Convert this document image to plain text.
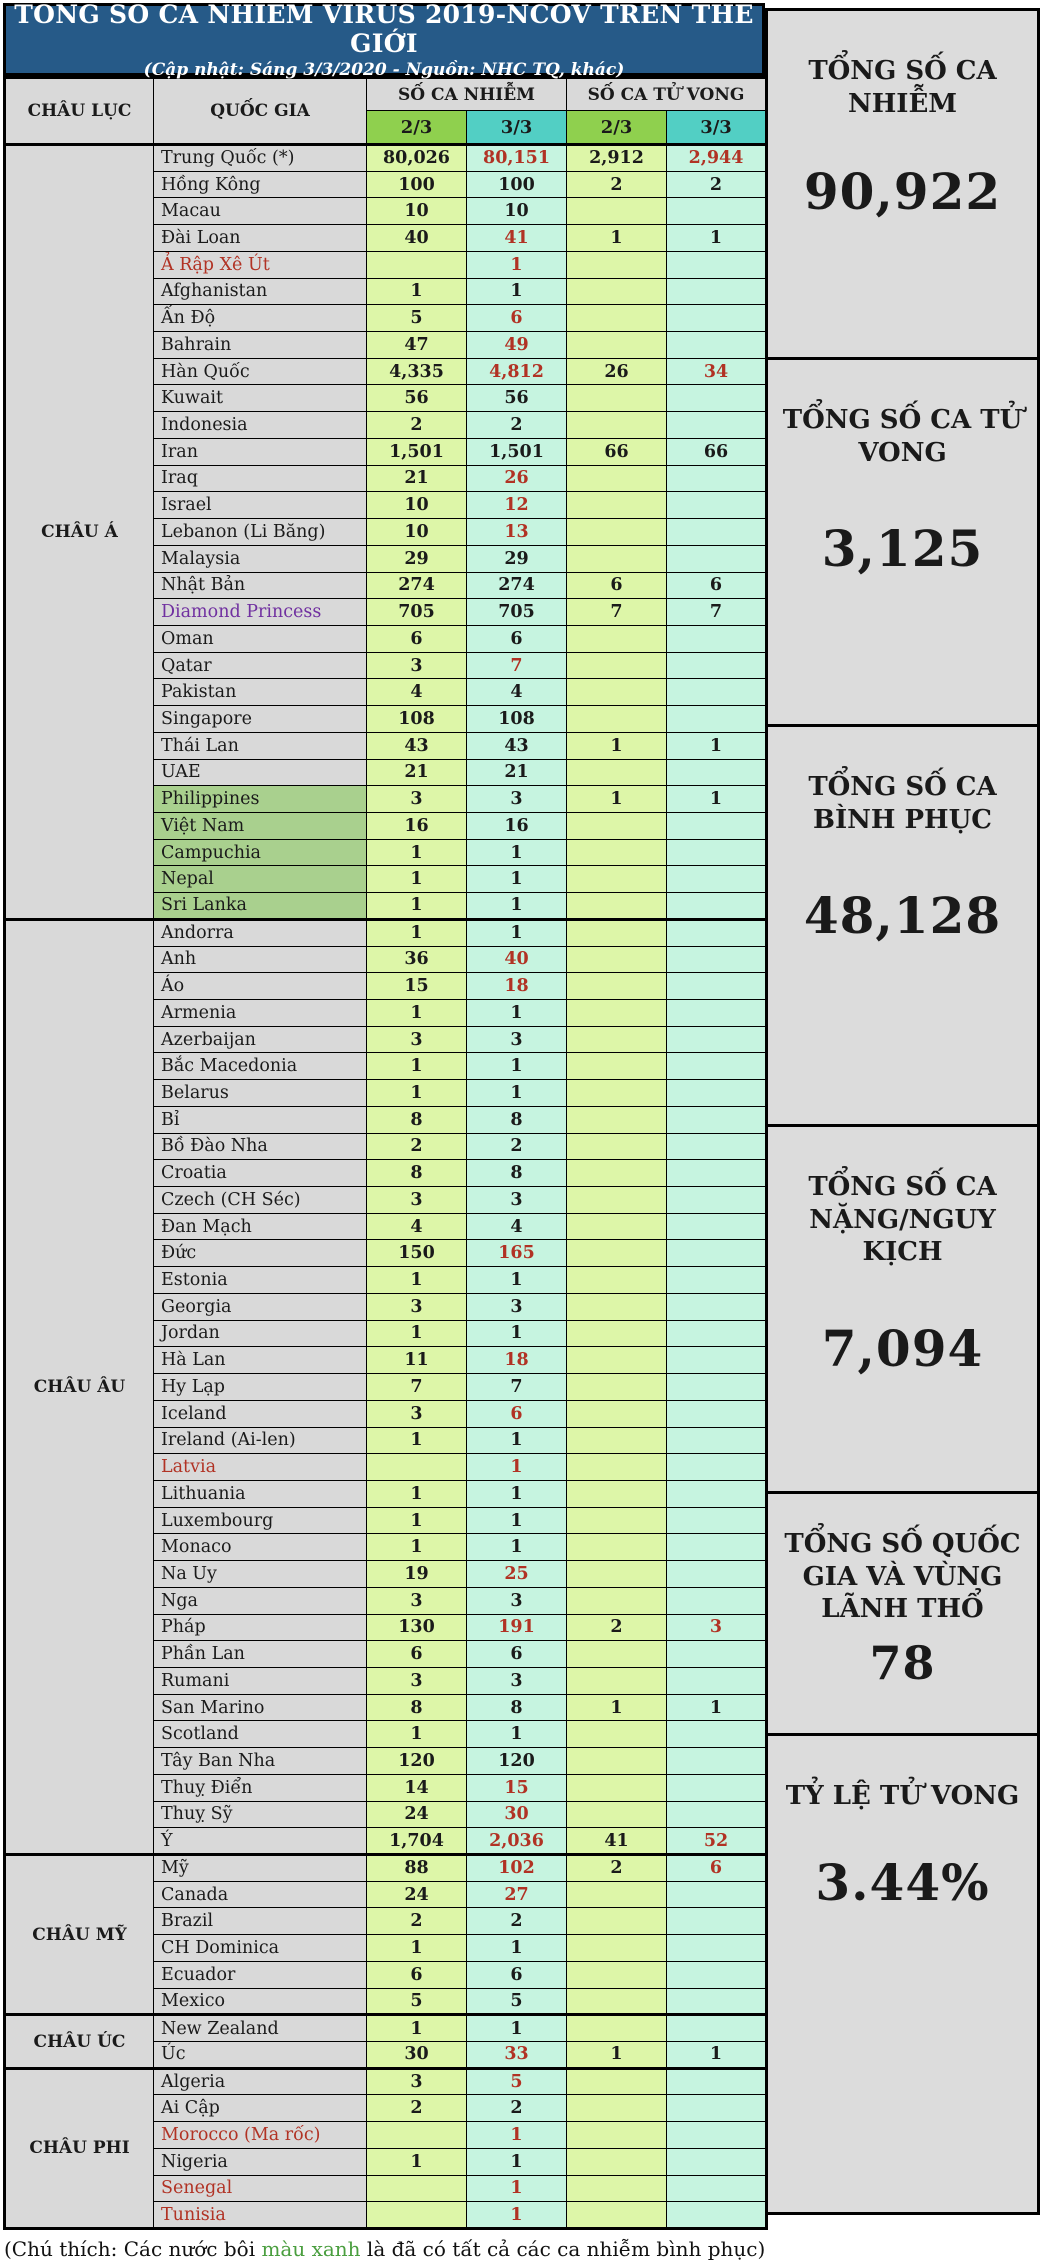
TỔNG SỐ CA NHIỄM VIRUS 2019-NCOV TRÊN THẾ GIỚI
(Cập nhật: Sáng 3/3/2020 - Nguồn: NHC TQ, khác)
CHÂU LỤC	QUỐC GIA	SỐ CA NHIỄM		SỐ CA TỬ VONG	
		2/3	3/3	2/3	3/3
CHÂU Á	Trung Quốc (*)	80,026	80,151	2,912	2,944
	Hồng Kông	100	100	2	2
	Macau	10	10		
	Đài Loan	40	41	1	1
	Ả Rập Xê Út		1		
	Afghanistan	1	1		
	Ấn Độ	5	6		
	Bahrain	47	49		
	Hàn Quốc	4,335	4,812	26	34
	Kuwait	56	56		
	Indonesia	2	2		
	Iran	1,501	1,501	66	66
	Iraq	21	26		
	Israel	10	12		
	Lebanon (Li Băng)	10	13		
	Malaysia	29	29		
	Nhật Bản	274	274	6	6
	Diamond Princess	705	705	7	7
	Oman	6	6		
	Qatar	3	7		
	Pakistan	4	4		
	Singapore	108	108		
	Thái Lan	43	43	1	1
	UAE	21	21		
	Philippines	3	3	1	1
	Việt Nam	16	16		
	Campuchia	1	1		
	Nepal	1	1		
	Sri Lanka	1	1		
CHÂU ÂU	Andorra	1	1		
	Anh	36	40		
	Áo	15	18		
	Armenia	1	1		
	Azerbaijan	3	3		
	Bắc Macedonia	1	1		
	Belarus	1	1		
	Bỉ	8	8		
	Bồ Đào Nha	2	2		
	Croatia	8	8		
	Czech (CH Séc)	3	3		
	Đan Mạch	4	4		
	Đức	150	165		
	Estonia	1	1		
	Georgia	3	3		
	Jordan	1	1		
	Hà Lan	11	18		
	Hy Lạp	7	7		
	Iceland	3	6		
	Ireland (Ai-len)	1	1		
	Latvia		1		
	Lithuania	1	1		
	Luxembourg	1	1		
	Monaco	1	1		
	Na Uy	19	25		
	Nga	3	3		
	Pháp	130	191	2	3
	Phần Lan	6	6		
	Rumani	3	3		
	San Marino	8	8	1	1
	Scotland	1	1		
	Tây Ban Nha	120	120		
	Thuỵ Điển	14	15		
	Thuỵ Sỹ	24	30		
	Ý	1,704	2,036	41	52
CHÂU MỸ	Mỹ	88	102	2	6
	Canada	24	27		
	Brazil	2	2		
	CH Dominica	1	1		
	Ecuador	6	6		
	Mexico	5	5		
CHÂU ÚC	New Zealand	1	1		
	Úc	30	33	1	1
CHÂU PHI	Algeria	3	5		
	Ai Cập	2	2		
	Morocco (Ma rốc)		1		
	Nigeria	1	1		
	Senegal		1		
	Tunisia		1		
TỔNG SỐ CA NHIỄM
90,922
TỔNG SỐ CA TỬ VONG
3,125
TỔNG SỐ CA BÌNH PHỤC
48,128
TỔNG SỐ CA NẶNG/NGUY KỊCH
7,094
TỔNG SỐ QUỐC GIA VÀ VÙNG LÃNH THỔ
78
TỶ LỆ TỬ VONG
3.44%
(Chú thích: Các nước bôi màu xanh là đã có tất cả các ca nhiễm bình phục)
